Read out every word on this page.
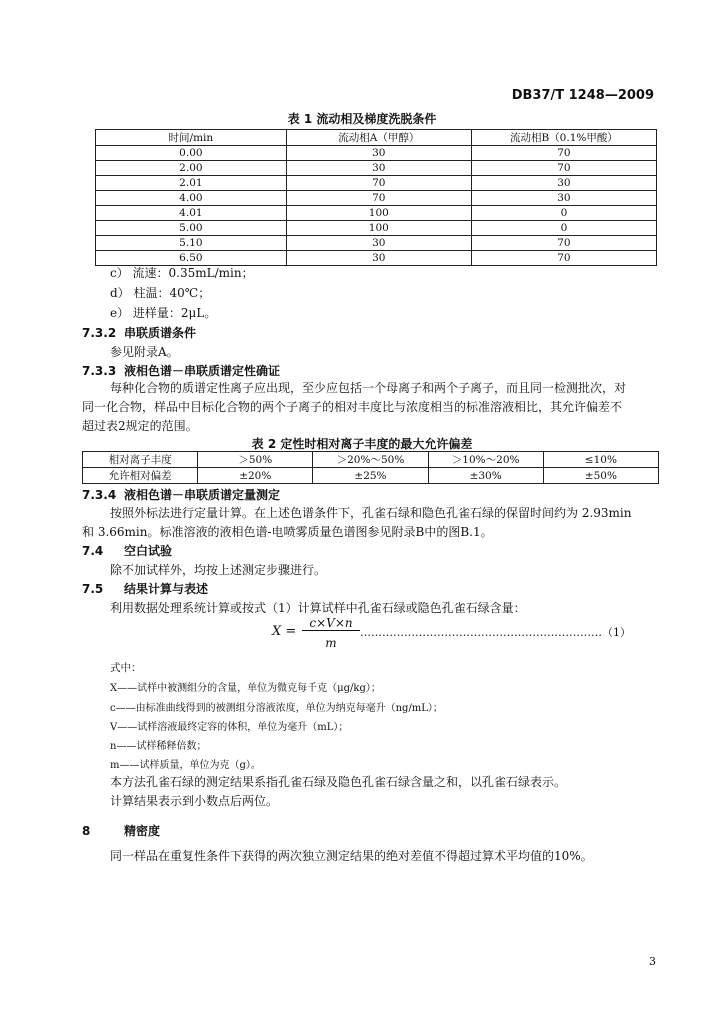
DB37/T 1248—2009
表 1 流动相及梯度洗脱条件
时间/min	流动相A（甲醇）	流动相B（0.1%甲酸）
0.00	30	70
2.00	30	70
2.01	70	30
4.00	70	30
4.01	100	0
5.00	100	0
5.10	30	70
6.50	30	70
c） 流速：0.35mL/min；
d） 柱温：40℃；
e） 进样量：2μL。
7.3.2 串联质谱条件
参见附录A。
7.3.3 液相色谱－串联质谱定性确证
每种化合物的质谱定性离子应出现，至少应包括一个母离子和两个子离子，而且同一检测批次，对
同一化合物，样品中目标化合物的两个子离子的相对丰度比与浓度相当的标准溶液相比，其允许偏差不
超过表2规定的范围。
表 2 定性时相对离子丰度的最大允许偏差
相对离子丰度	＞50%	＞20%～50%	＞10%～20%	≤10%
允许相对偏差	±20%	±25%	±30%	±50%
7.3.4 液相色谱－串联质谱定量测定
按照外标法进行定量计算。在上述色谱条件下，孔雀石绿和隐色孔雀石绿的保留时间约为 2.93min
和 3.66min。标准溶液的液相色谱-电喷雾质量色谱图参见附录B中的图B.1。
7.4 空白试验
除不加试样外，均按上述测定步骤进行。
7.5 结果计算与表述
利用数据处理系统计算或按式（1）计算试样中孔雀石绿或隐色孔雀石绿含量：
X =
c×V×n
m
…………………………………………………………（1）
式中：
X——试样中被测组分的含量，单位为微克每千克（μg/kg）；
c——由标准曲线得到的被测组分溶液浓度，单位为纳克每毫升（ng/mL）；
V——试样溶液最终定容的体积，单位为毫升（mL）；
n——试样稀释倍数；
m——试样质量，单位为克（g）。
本方法孔雀石绿的测定结果系指孔雀石绿及隐色孔雀石绿含量之和，以孔雀石绿表示。
计算结果表示到小数点后两位。
8	精密度
同一样品在重复性条件下获得的两次独立测定结果的绝对差值不得超过算术平均值的10%。
3
